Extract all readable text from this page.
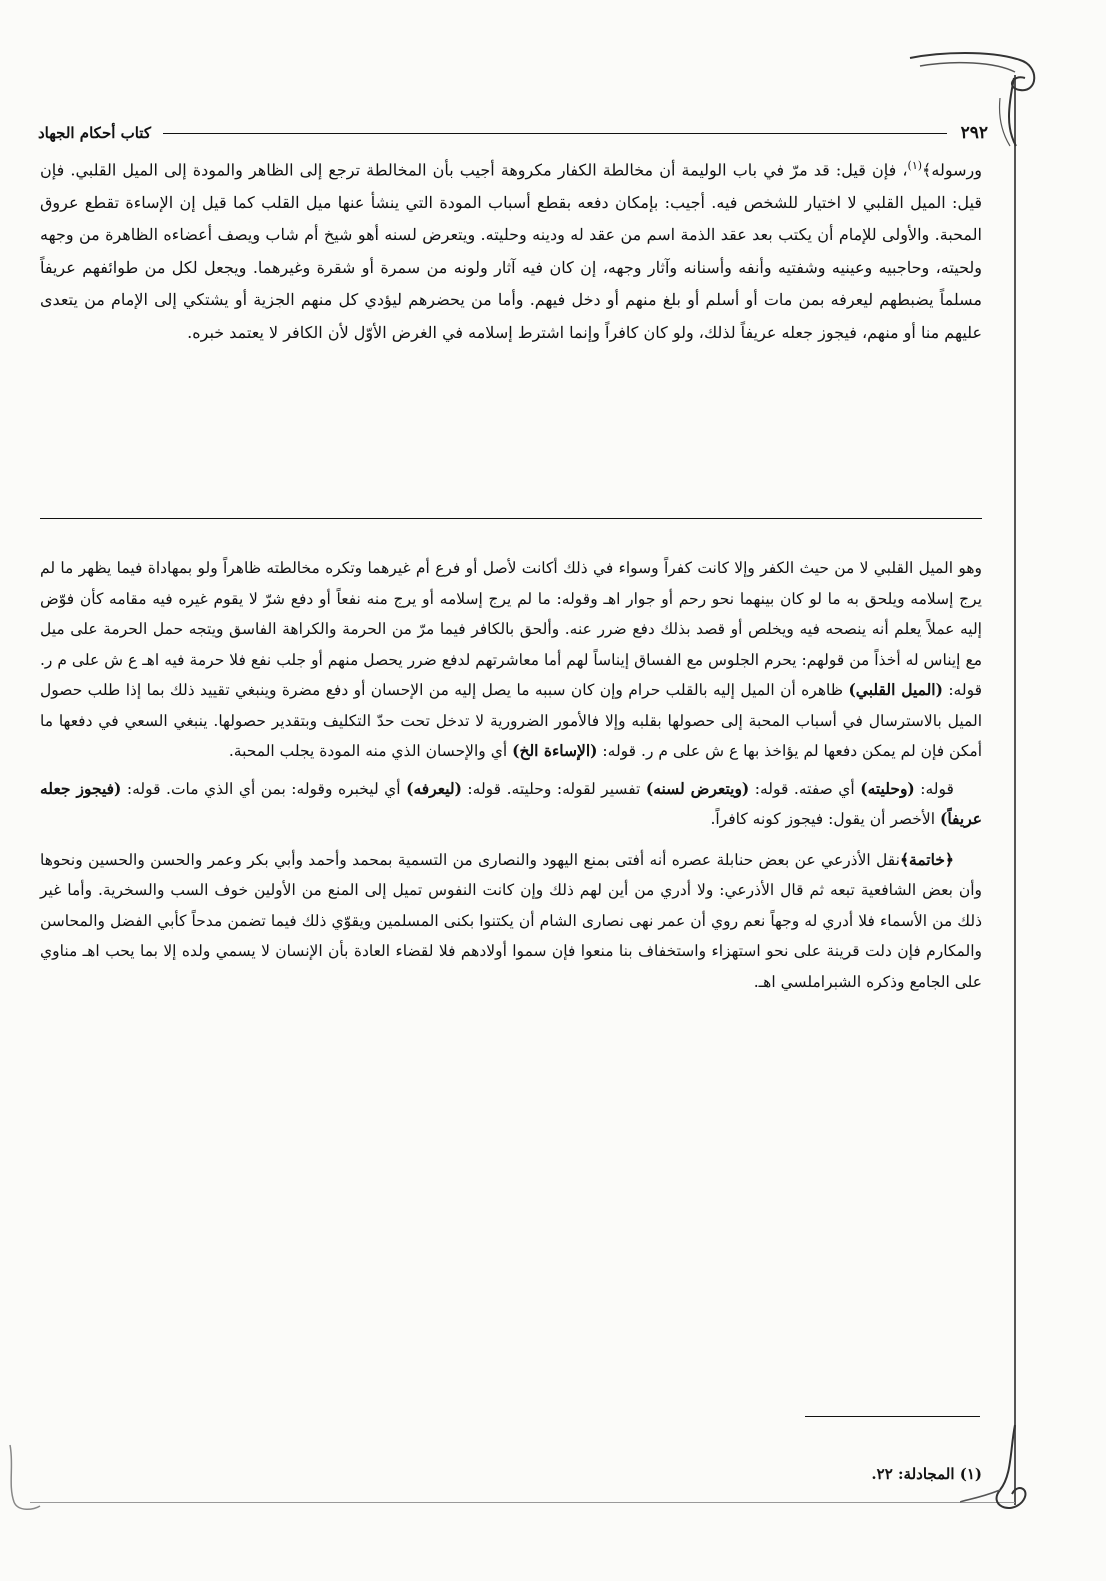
٢٩٢
كتاب أحكام الجهاد
ورسوله﴾$^{(١)}$، فإن قيل: قد مرّ في باب الوليمة أن مخالطة الكفار مكروهة أجيب بأن المخالطة ترجع إلى الظاهر والمودة إلى الميل القلبي. فإن قيل: الميل القلبي لا اختيار للشخص فيه. أجيب: بإمكان دفعه بقطع أسباب المودة التي ينشأ عنها ميل القلب كما قيل إن الإساءة تقطع عروق المحبة. والأولى للإمام أن يكتب بعد عقد الذمة اسم من عقد له ودينه وحليته. ويتعرض لسنه أهو شيخ أم شاب ويصف أعضاءه الظاهرة من وجهه ولحيته، وحاجبيه وعينيه وشفتيه وأنفه وأسنانه وآثار وجهه، إن كان فيه آثار ولونه من سمرة أو شقرة وغيرهما. ويجعل لكل من طوائفهم عريفاً مسلماً يضبطهم ليعرفه بمن مات أو أسلم أو بلغ منهم أو دخل فيهم. وأما من يحضرهم ليؤدي كل منهم الجزية أو يشتكي إلى الإمام من يتعدى عليهم منا أو منهم، فيجوز جعله عريفاً لذلك، ولو كان كافراً وإنما اشترط إسلامه في الغرض الأوّل لأن الكافر لا يعتمد خبره.

وهو الميل القلبي لا من حيث الكفر وإلا كانت كفراً وسواء في ذلك أكانت لأصل أو فرع أم غيرهما وتكره مخالطته ظاهراً ولو بمهاداة فيما يظهر ما لم يرج إسلامه ويلحق به ما لو كان بينهما نحو رحم أو جوار اهـ وقوله: ما لم يرج إسلامه أو يرج منه نفعاً أو دفع شرّ لا يقوم غيره فيه مقامه كأن فوّض إليه عملاً يعلم أنه ينصحه فيه ويخلص أو قصد بذلك دفع ضرر عنه. وألحق بالكافر فيما مرّ من الحرمة والكراهة الفاسق ويتجه حمل الحرمة على ميل مع إيناس له أخذاً من قولهم: يحرم الجلوس مع الفساق إيناساً لهم أما معاشرتهم لدفع ضرر يحصل منهم أو جلب نفع فلا حرمة فيه اهـ ع ش على م ر. قوله: (الميل القلبي) ظاهره أن الميل إليه بالقلب حرام وإن كان سببه ما يصل إليه من الإحسان أو دفع مضرة وينبغي تقييد ذلك بما إذا طلب حصول الميل بالاسترسال في أسباب المحبة إلى حصولها بقلبه وإلا فالأمور الضرورية لا تدخل تحت حدّ التكليف وبتقدير حصولها. ينبغي السعي في دفعها ما أمكن فإن لم يمكن دفعها لم يؤاخذ بها ع ش على م ر. قوله: (الإساءة الخ) أي والإحسان الذي منه المودة يجلب المحبة.

قوله: (وحليته) أي صفته. قوله: (ويتعرض لسنه) تفسير لقوله: وحليته. قوله: (ليعرفه) أي ليخبره وقوله: بمن أي الذي مات. قوله: (فيجوز جعله عريفاً) الأخصر أن يقول: فيجوز كونه كافراً.

﴿خاتمة﴾نقل الأذرعي عن بعض حنابلة عصره أنه أفتى بمنع اليهود والنصارى من التسمية بمحمد وأحمد وأبي بكر وعمر والحسن والحسين ونحوها وأن بعض الشافعية تبعه ثم قال الأذرعي: ولا أدري من أين لهم ذلك وإن كانت النفوس تميل إلى المنع من الأولين خوف السب والسخرية. وأما غير ذلك من الأسماء فلا أدري له وجهاً نعم روي أن عمر نهى نصارى الشام أن يكتنوا بكنى المسلمين ويقوّي ذلك فيما تضمن مدحاً كأبي الفضل والمحاسن والمكارم فإن دلت قرينة على نحو استهزاء واستخفاف بنا منعوا فإن سموا أولادهم فلا لقضاء العادة بأن الإنسان لا يسمي ولده إلا بما يحب اهـ مناوي على الجامع وذكره الشبراملسي اهـ.

(١) المجادلة: ٢٢.
